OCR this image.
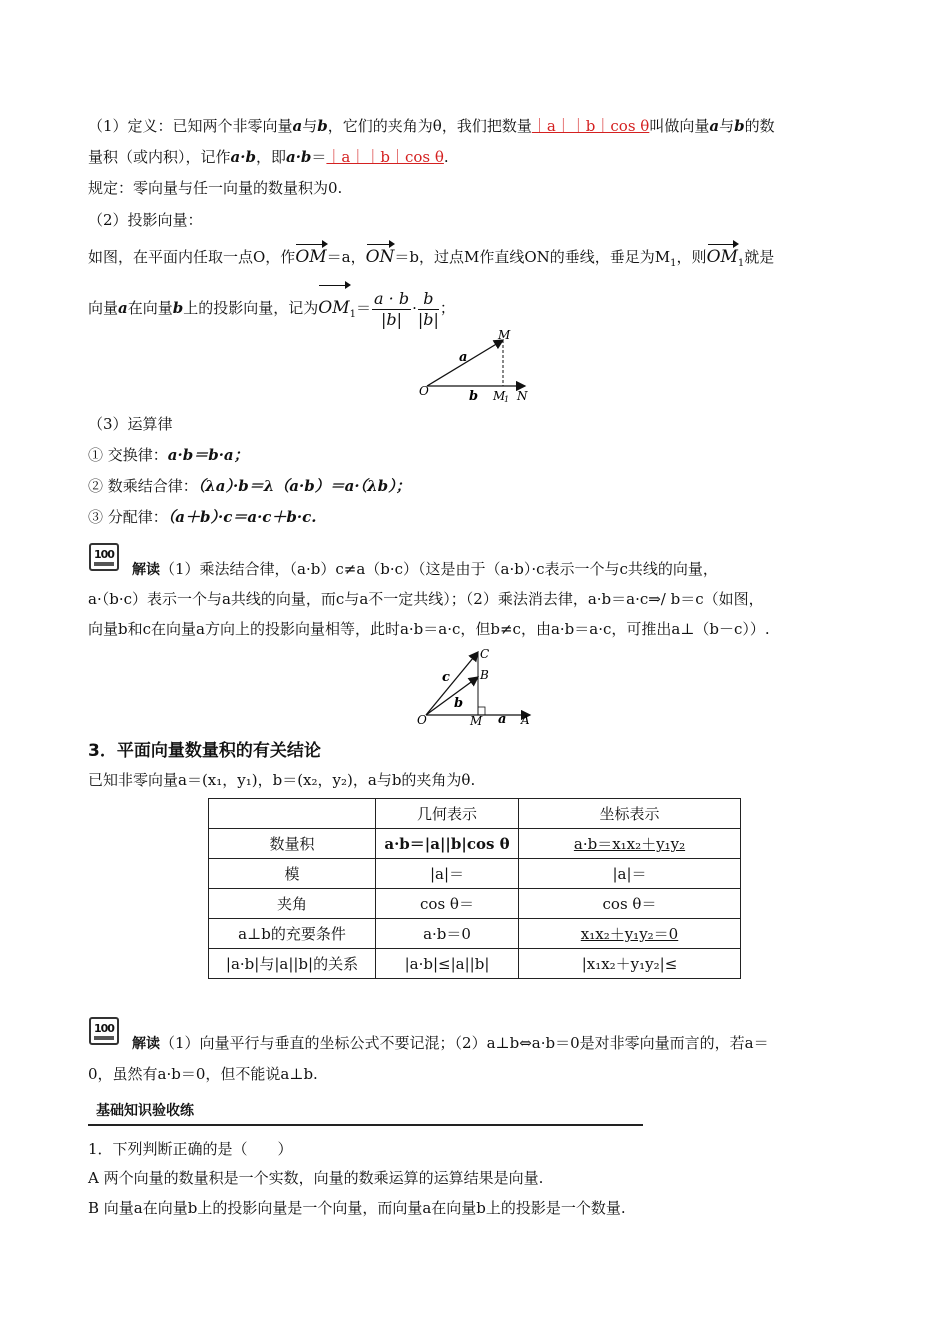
（1）定义：已知两个非零向量a与b，它们的夹角为θ，我们把数量｜a｜｜b｜cos θ叫做向量a与b的数
量积（或内积），记作a·b，即a·b＝｜a｜｜b｜cos θ.
规定：零向量与任一向量的数量积为0.
（2）投影向量：
如图，在平面内任取一点O，作OM＝a，ON＝b，过点M作直线ON的垂线，垂足为$M_1$，则$OM_1$就是
向量a在向量b上的投影向量，记为$OM_1= \frac{a \cdot b}{|b|} \cdot \frac{b}{|b|}$ ；
M
a
O	b M
1 N
（3）运算律
① 交换律：a·b＝b·a；
② 数乘结合律：（λa）·b＝λ（a·b）＝a·（λb）；
③ 分配律：（a＋b）·c＝a·c＋b·c.
100
解读（1）乘法结合律，（a·b）c≠a（b·c）（这是由于（a·b）·c表示一个与c共线的向量，
a·（b·c）表示一个与a共线的向量，而c与a不一定共线）；（2）乘法消去律，a·b＝a·c⇒/ b＝c（如图，
向量b和c在向量a方向上的投影向量相等，此时a·b＝a·c，但b≠c，由a·b＝a·c，可推出a⊥（b－c））.
C
B
c
b
O	M a A
3．平面向量数量积的有关结论
已知非零向量a＝(x₁，y₁)，b＝(x₂，y₂)，a与b的夹角为θ.
	几何表示	坐标表示
数量积	a·b＝|a||b|cos θ	a·b＝x₁x₂＋y₁y₂
模	|a|＝	|a|＝
夹角	cos θ＝	cos θ＝
a⊥b的充要条件	a·b＝0	x₁x₂＋y₁y₂＝0
|a·b|与|a||b|的关系	|a·b|≤|a||b|	|x₁x₂＋y₁y₂|≤
100
解读（1）向量平行与垂直的坐标公式不要记混；（2）a⊥b⇔a·b＝0是对非零向量而言的，若a＝
0，虽然有a·b＝0，但不能说a⊥b.
基础知识验收练
1．下列判断正确的是（　　）
A 两个向量的数量积是一个实数，向量的数乘运算的运算结果是向量.
B 向量a在向量b上的投影向量是一个向量，而向量a在向量b上的投影是一个数量.
